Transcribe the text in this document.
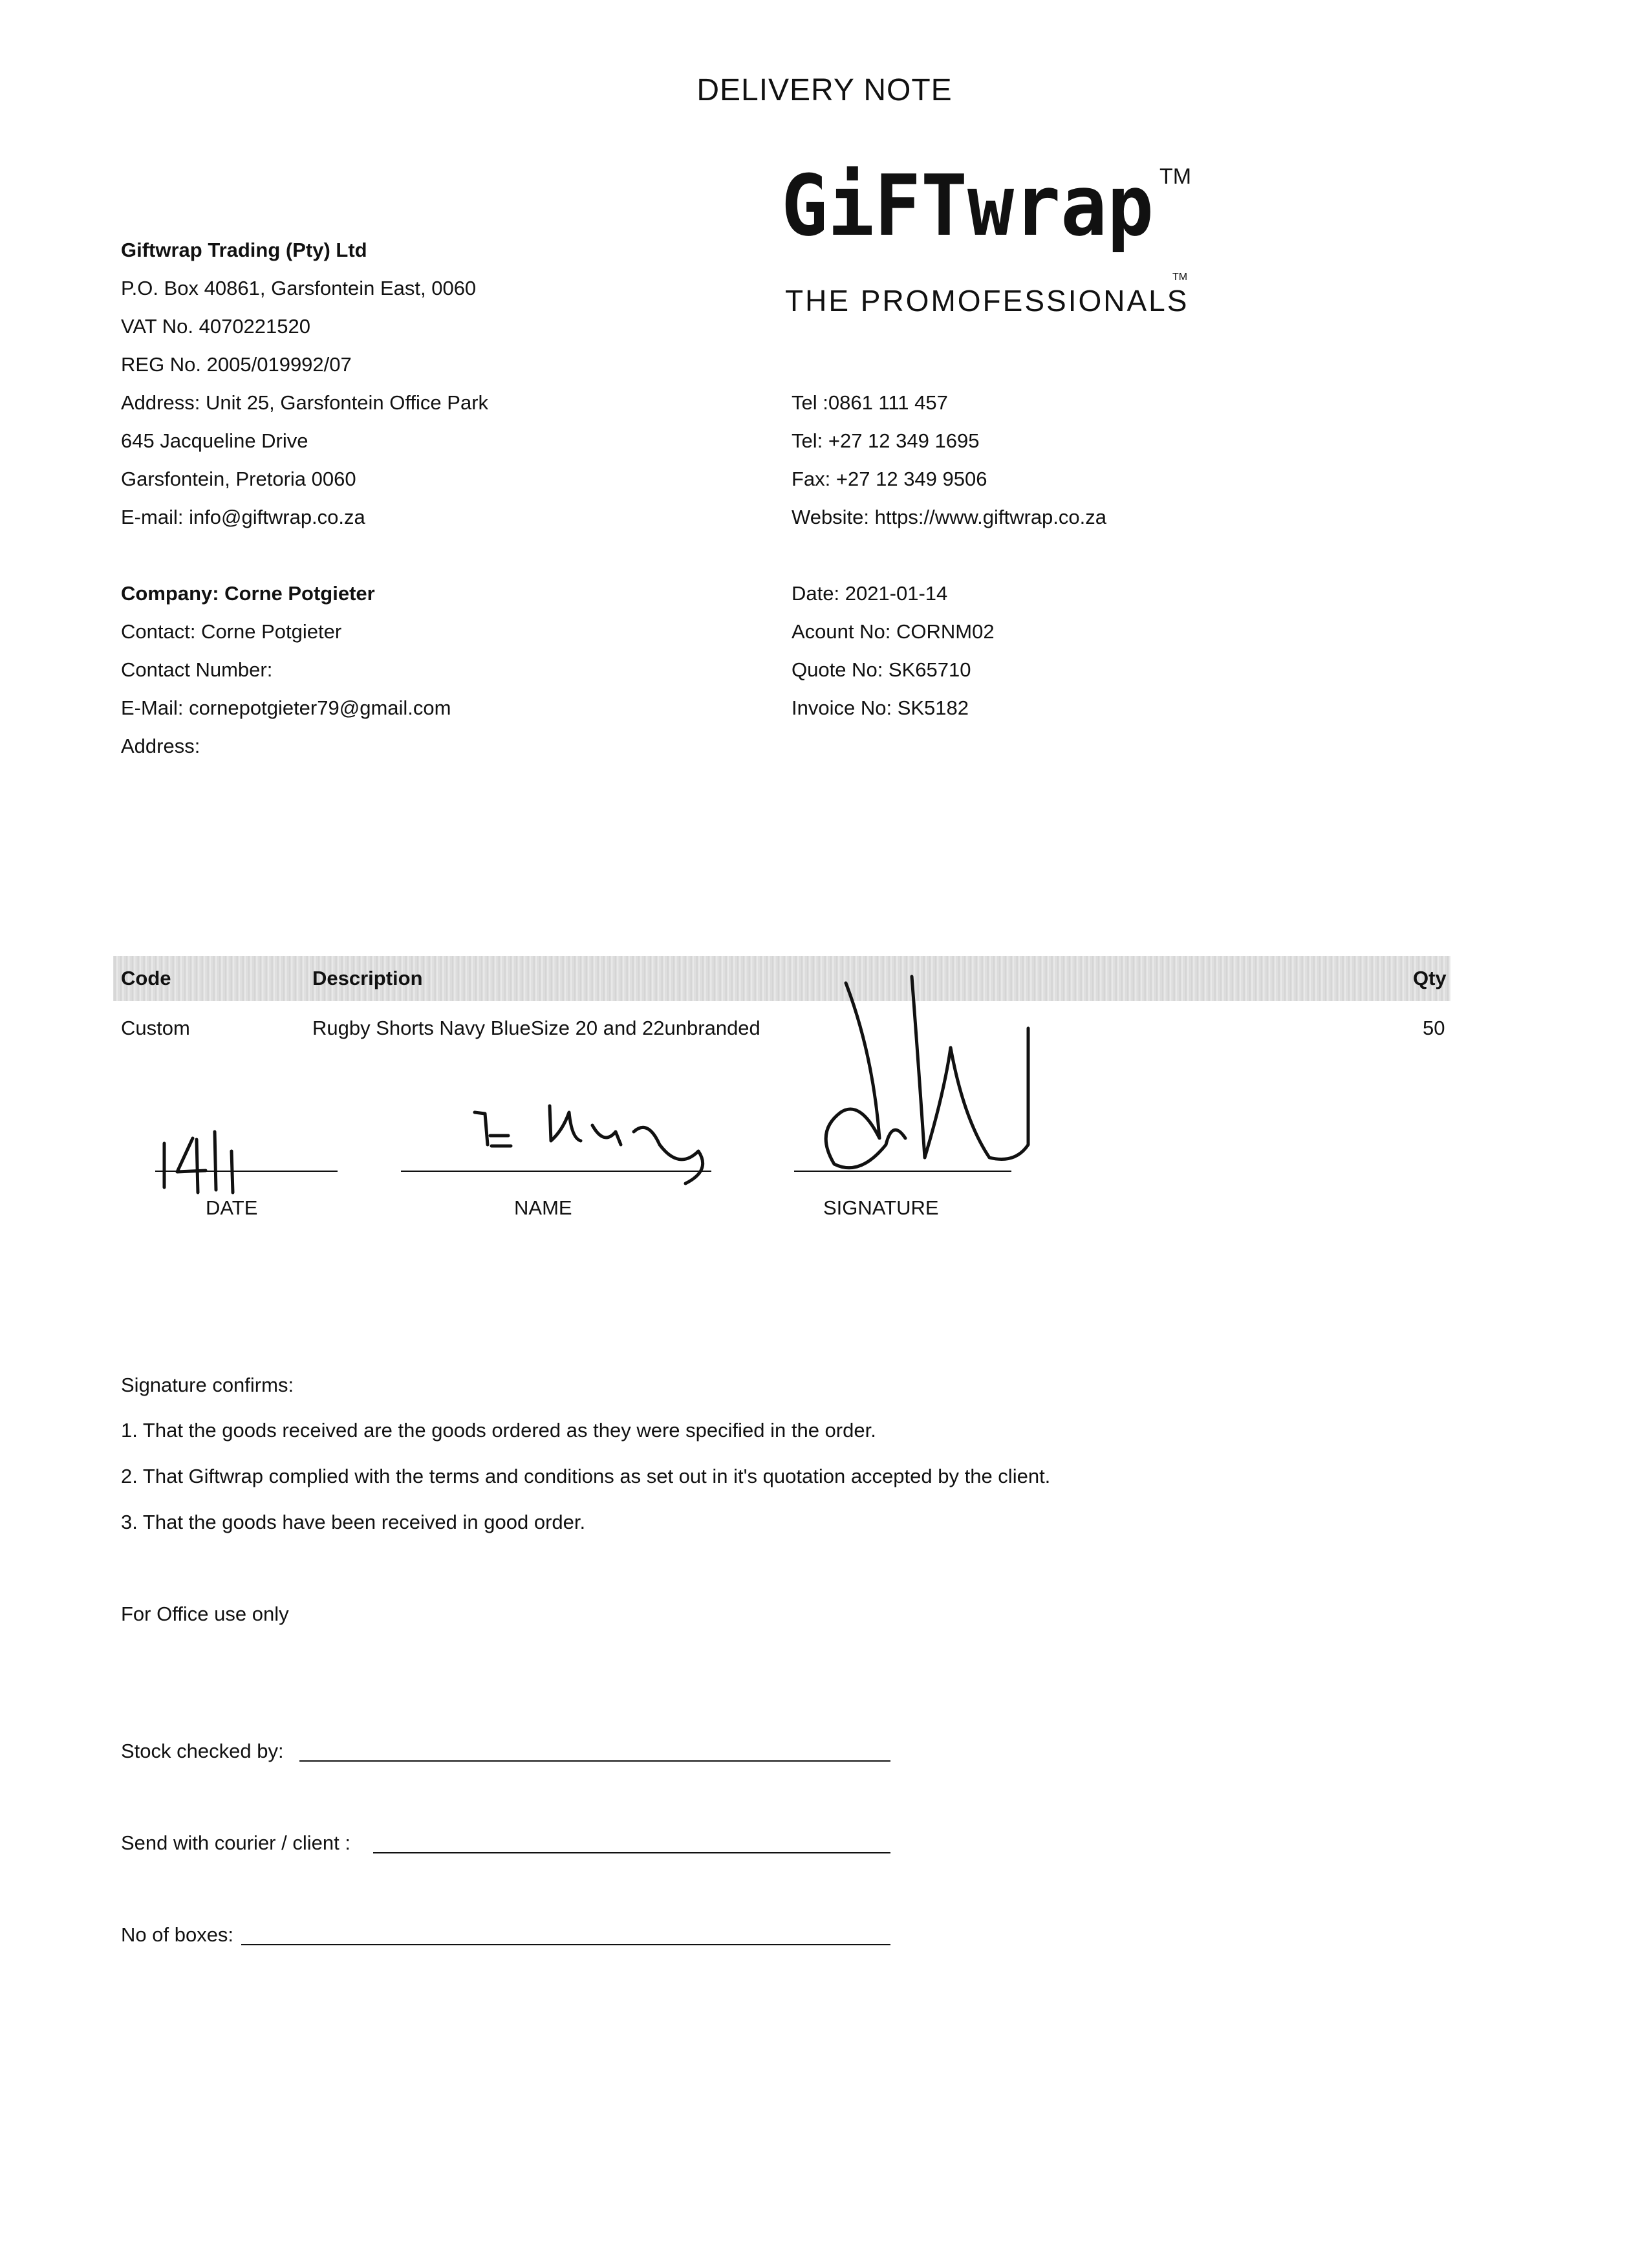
DELIVERY NOTE
GiFTwrap TM
THE PROMOFESSIONALS
TM
Giftwrap Trading (Pty) Ltd
P.O. Box 40861, Garsfontein East, 0060
VAT No. 4070221520
REG No. 2005/019992/07
Address: Unit 25, Garsfontein Office Park
645 Jacqueline Drive
Garsfontein, Pretoria 0060
E-mail: info@giftwrap.co.za
Tel :0861 111 457
Tel: +27 12 349 1695
Fax: +27 12 349 9506
Website: https://www.giftwrap.co.za
Company: Corne Potgieter
Contact: Corne Potgieter
Contact Number:
E-Mail: cornepotgieter79@gmail.com
Address:
Date: 2021-01-14
Acount No: CORNM02
Quote No: SK65710
Invoice No: SK5182
Code	Description	Qty
Custom	Rugby Shorts Navy BlueSize 20 and 22unbranded	50
DATE	NAME	SIGNATURE
Signature confirms:
1. That the goods received are the goods ordered as they were specified in the order.
2. That Giftwrap complied with the terms and conditions as set out in it's quotation accepted by the client.
3. That the goods have been received in good order.
For Office use only
Stock checked by:
Send with courier / client :
No of boxes:
